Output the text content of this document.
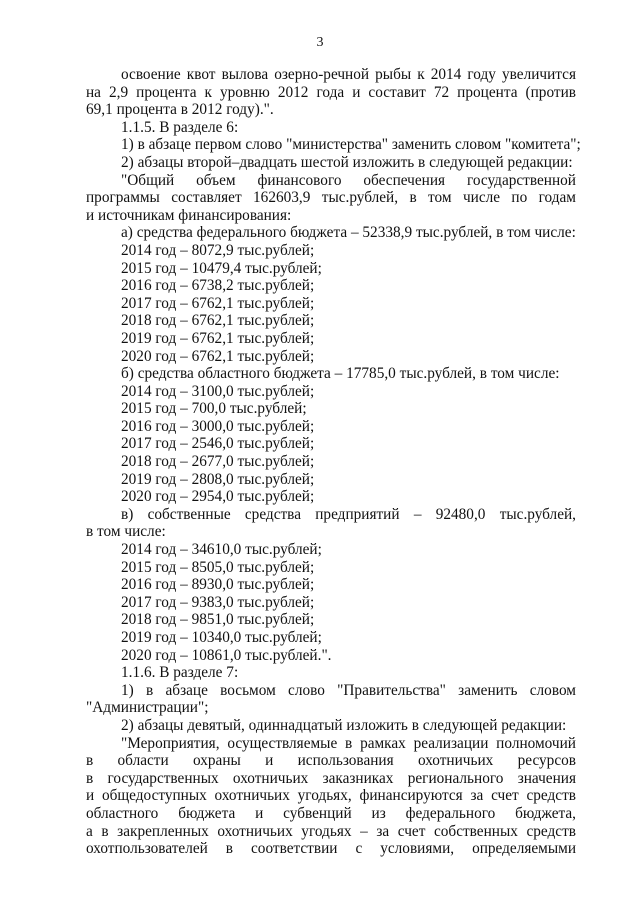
3
освоение квот вылова озерно-речной рыбы к 2014 году увеличится
на 2,9 процента к уровню 2012 года и составит 72 процента (против
69,1 процента в 2012 году).".
1.1.5. В разделе 6:
1) в абзаце первом слово "министерства" заменить словом "комитета";
2) абзацы второй–двадцать шестой изложить в следующей редакции:
"Общий объем финансового обеспечения государственной
программы составляет 162603,9 тыс.рублей, в том числе по годам
и источникам финансирования:
а) средства федерального бюджета – 52338,9 тыс.рублей, в том числе:
2014 год – 8072,9 тыс.рублей;
2015 год – 10479,4 тыс.рублей;
2016 год – 6738,2 тыс.рублей;
2017 год – 6762,1 тыс.рублей;
2018 год – 6762,1 тыс.рублей;
2019 год – 6762,1 тыс.рублей;
2020 год – 6762,1 тыс.рублей;
б) средства областного бюджета – 17785,0 тыс.рублей, в том числе:
2014 год – 3100,0 тыс.рублей;
2015 год – 700,0 тыс.рублей;
2016 год – 3000,0 тыс.рублей;
2017 год – 2546,0 тыс.рублей;
2018 год – 2677,0 тыс.рублей;
2019 год – 2808,0 тыс.рублей;
2020 год – 2954,0 тыс.рублей;
в) собственные средства предприятий – 92480,0 тыс.рублей,
в том числе:
2014 год – 34610,0 тыс.рублей;
2015 год – 8505,0 тыс.рублей;
2016 год – 8930,0 тыс.рублей;
2017 год – 9383,0 тыс.рублей;
2018 год – 9851,0 тыс.рублей;
2019 год – 10340,0 тыс.рублей;
2020 год – 10861,0 тыс.рублей.".
1.1.6. В разделе 7:
1) в абзаце восьмом слово "Правительства" заменить словом
"Администрации";
2) абзацы девятый, одиннадцатый изложить в следующей редакции:
"Мероприятия, осуществляемые в рамках реализации полномочий
в области охраны и использования охотничьих ресурсов
в государственных охотничьих заказниках регионального значения
и общедоступных охотничьих угодьях, финансируются за счет средств
областного бюджета и субвенций из федерального бюджета,
а в закрепленных охотничьих угодьях – за счет собственных средств
охотпользователей в соответствии с условиями, определяемыми
